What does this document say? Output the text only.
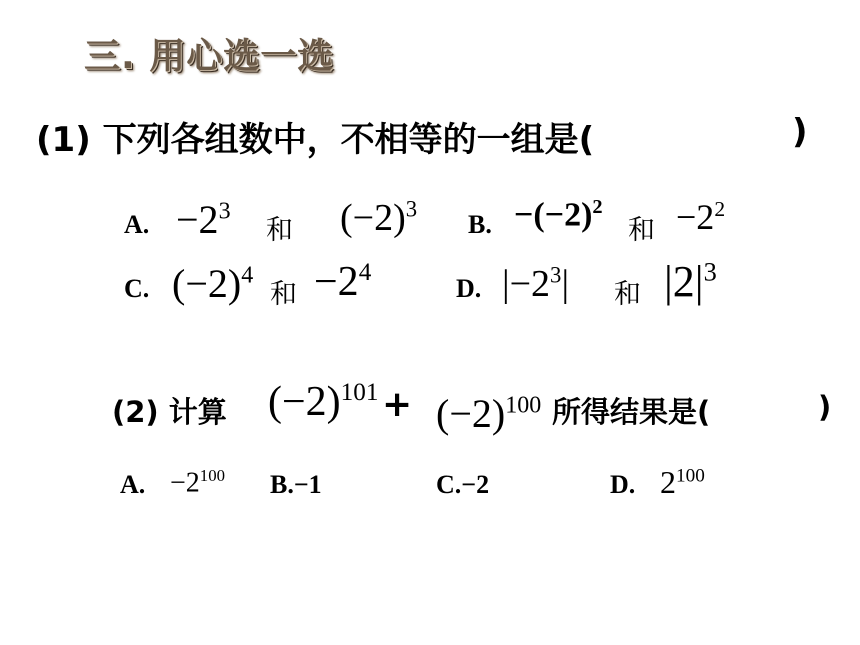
三. 用心选一选
(1) 下列各组数中，不相等的一组是(	)
A. $-2^3$
和 $(-2)^3$
B. $-(-2)^2$
和 $-2^2$
C. $(-2)^4$
和 $-2^4$
D. $|-2^3|$ 和 $|2|^3$
(2) 计算 $(-2)^{101} + (-2)^{100}$ 所得结果是(	)
A. $-2^{100}$ B.−1	C.−2	D. $2^{100}$
